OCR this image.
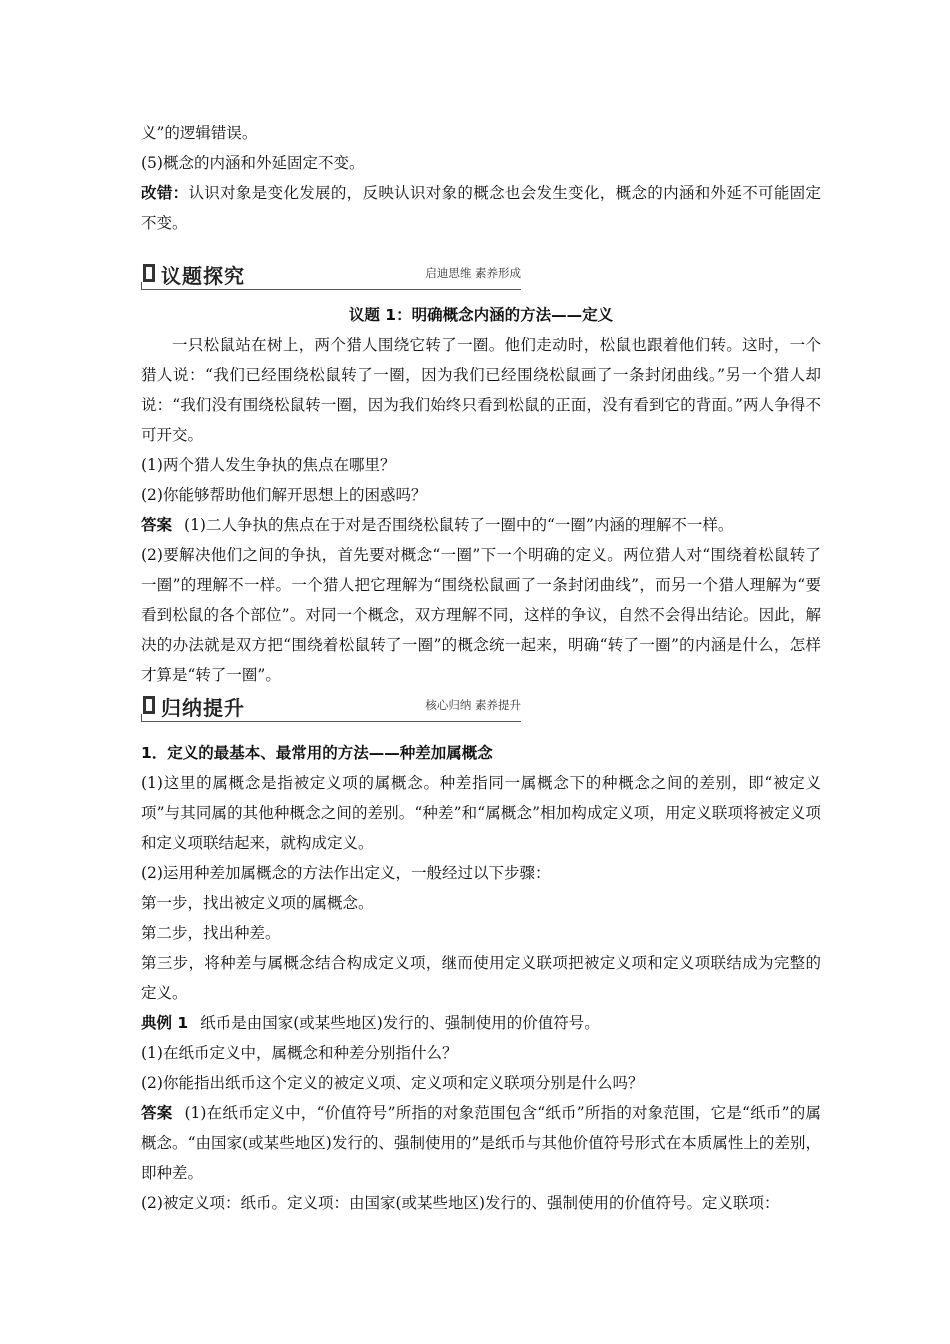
义”的逻辑错误。

(5)概念的内涵和外延固定不变。

改错：认识对象是变化发展的，反映认识对象的概念也会发生变化，概念的内涵和外延不可能固定不变。

议题探究	启迪思维 素养形成

议题 1：明确概念内涵的方法——定义

一只松鼠站在树上，两个猎人围绕它转了一圈。他们走动时，松鼠也跟着他们转。这时，一个猎人说：“我们已经围绕松鼠转了一圈，因为我们已经围绕松鼠画了一条封闭曲线。”另一个猎人却说：“我们没有围绕松鼠转一圈，因为我们始终只看到松鼠的正面，没有看到它的背面。”两人争得不可开交。

(1)两个猎人发生争执的焦点在哪里？

(2)你能够帮助他们解开思想上的困惑吗？

答案 (1)二人争执的焦点在于对是否围绕松鼠转了一圈中的“一圈”内涵的理解不一样。

(2)要解决他们之间的争执，首先要对概念“一圈”下一个明确的定义。两位猎人对“围绕着松鼠转了一圈”的理解不一样。一个猎人把它理解为“围绕松鼠画了一条封闭曲线”，而另一个猎人理解为“要看到松鼠的各个部位”。对同一个概念，双方理解不同，这样的争议，自然不会得出结论。因此，解决的办法就是双方把“围绕着松鼠转了一圈”的概念统一起来，明确“转了一圈”的内涵是什么，怎样才算是“转了一圈”。

归纳提升	核心归纳 素养提升

1．定义的最基本、最常用的方法——种差加属概念

(1)这里的属概念是指被定义项的属概念。种差指同一属概念下的种概念之间的差别，即“被定义项”与其同属的其他种概念之间的差别。“种差”和“属概念”相加构成定义项，用定义联项将被定义项和定义项联结起来，就构成定义。

(2)运用种差加属概念的方法作出定义，一般经过以下步骤：

第一步，找出被定义项的属概念。

第二步，找出种差。

第三步，将种差与属概念结合构成定义项，继而使用定义联项把被定义项和定义项联结成为完整的定义。

典例 1 纸币是由国家(或某些地区)发行的、强制使用的价值符号。

(1)在纸币定义中，属概念和种差分别指什么？

(2)你能指出纸币这个定义的被定义项、定义项和定义联项分别是什么吗？

答案 (1)在纸币定义中，“价值符号”所指的对象范围包含“纸币”所指的对象范围，它是“纸币”的属概念。“由国家(或某些地区)发行的、强制使用的”是纸币与其他价值符号形式在本质属性上的差别，即种差。

(2)被定义项：纸币。定义项：由国家(或某些地区)发行的、强制使用的价值符号。定义联项：
